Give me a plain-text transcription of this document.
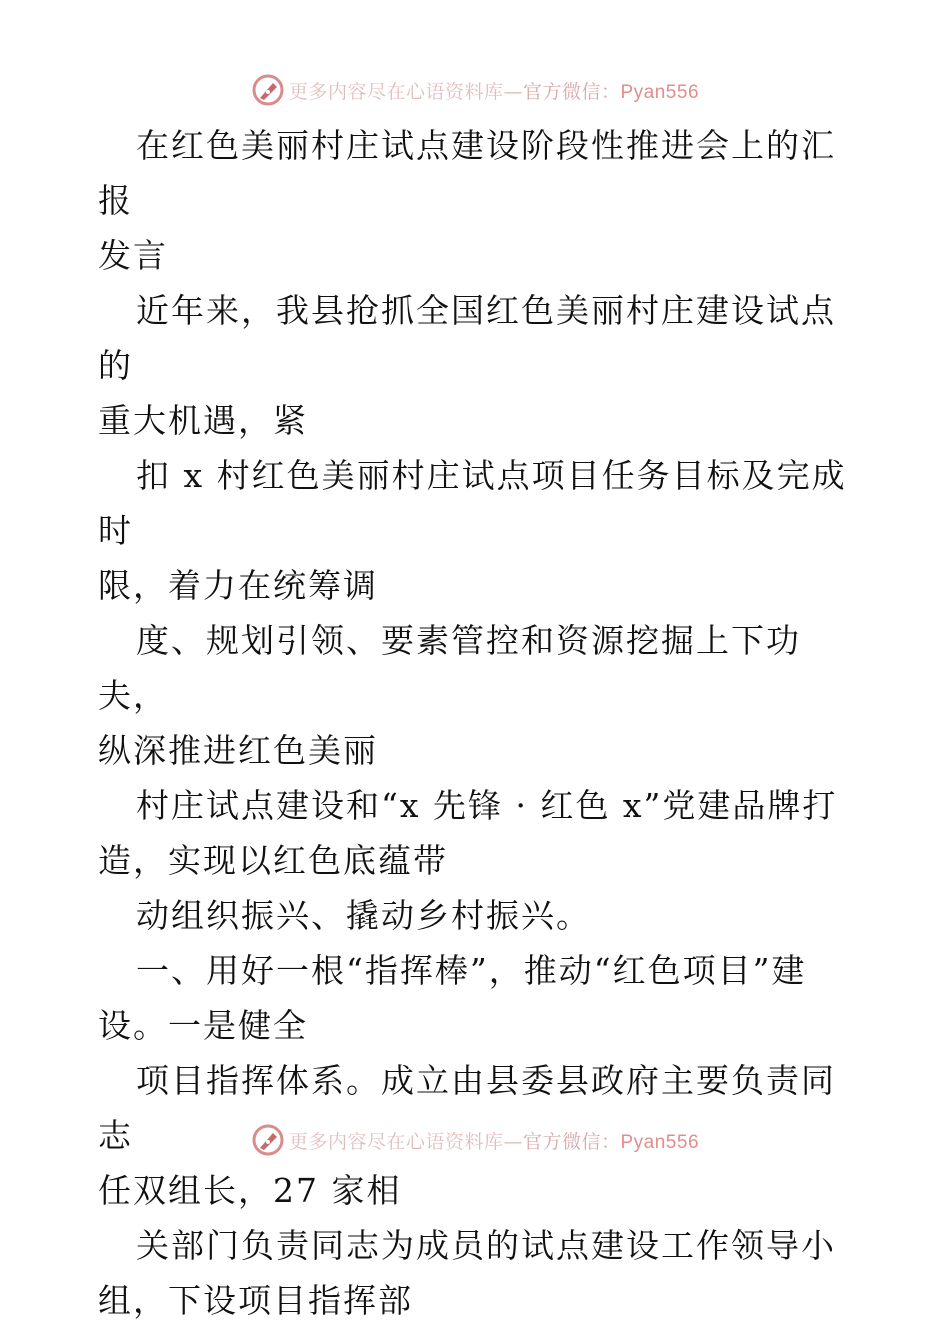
更多内容尽在心语资料库—官方微信：Pyan556

在红色美丽村庄试点建设阶段性推进会上的汇报
发言

近年来，我县抢抓全国红色美丽村庄建设试点的
重大机遇，紧

扣 x 村红色美丽村庄试点项目任务目标及完成时
限，着力在统筹调

度、规划引领、要素管控和资源挖掘上下功夫，
纵深推进红色美丽

村庄试点建设和“x 先锋 · 红色 x”党建品牌打
造，实现以红色底蕴带

动组织振兴、撬动乡村振兴。

一、用好一根“指挥棒”，推动“红色项目”建
设。一是健全

项目指挥体系。成立由县委县政府主要负责同志
任双组长，27 家相

关部门负责同志为成员的试点建设工作领导小
组，下设项目指挥部

更多内容尽在心语资料库—官方微信：Pyan556
